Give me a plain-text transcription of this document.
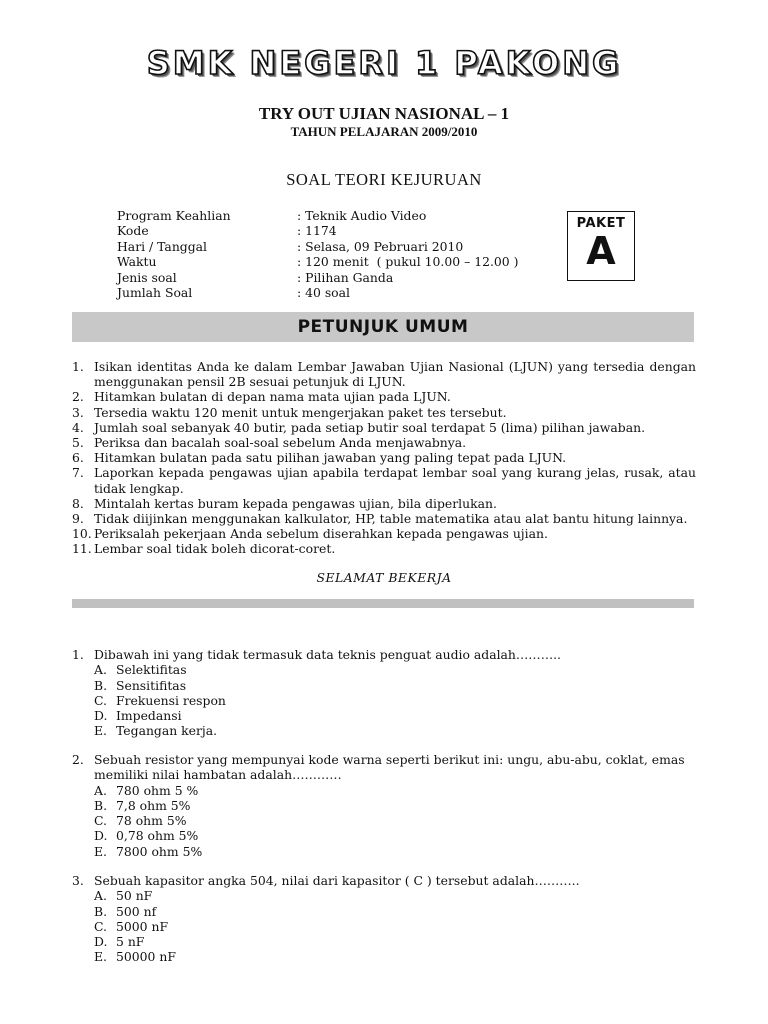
SMK NEGERI 1 PAKONG
TRY OUT UJIAN NASIONAL – 1
TAHUN PELAJARAN 2009/2010
SOAL TEORI KEJURUAN
Program Keahlian	: Teknik Audio Video
Kode	: 1174
Hari / Tanggal	: Selasa, 09 Pebruari 2010
Waktu	: 120 menit  ( pukul 10.00 – 12.00 )
Jenis soal	: Pilihan Ganda
Jumlah Soal	: 40 soal
PAKET
A
PETUNJUK UMUM
1. Isikan identitas Anda ke dalam Lembar Jawaban Ujian Nasional (LJUN) yang tersedia dengan menggunakan pensil 2B sesuai petunjuk di LJUN.
2. Hitamkan bulatan di depan nama mata ujian pada LJUN.
3. Tersedia waktu 120 menit untuk mengerjakan paket tes tersebut.
4. Jumlah soal sebanyak 40 butir, pada setiap butir soal terdapat 5 (lima) pilihan jawaban.
5. Periksa dan bacalah soal-soal sebelum Anda menjawabnya.
6. Hitamkan bulatan pada satu pilihan jawaban yang paling tepat pada LJUN.
7. Laporkan kepada pengawas ujian apabila terdapat lembar soal yang kurang jelas, rusak, atau tidak lengkap.
8. Mintalah kertas buram kepada pengawas ujian, bila diperlukan.
9. Tidak diijinkan menggunakan kalkulator, HP, table matematika atau alat bantu hitung lainnya.
10. Periksalah pekerjaan Anda sebelum diserahkan kepada pengawas ujian.
11. Lembar soal tidak boleh dicorat-coret.
SELAMAT BEKERJA
1. Dibawah ini yang tidak termasuk data teknis penguat audio adalah………..
A. Selektifitas
B. Sensitifitas
C. Frekuensi respon
D. Impedansi
E. Tegangan kerja.
2. Sebuah resistor yang mempunyai kode warna seperti berikut ini: ungu, abu-abu, coklat, emas memiliki nilai hambatan adalah…………
A. 780 ohm 5 %
B. 7,8 ohm 5%
C. 78 ohm 5%
D. 0,78 ohm 5%
E. 7800 ohm 5%
3. Sebuah kapasitor angka 504, nilai dari kapasitor ( C ) tersebut adalah………..
A. 50 nF
B. 500 nf
C. 5000 nF
D. 5 nF
E. 50000 nF
